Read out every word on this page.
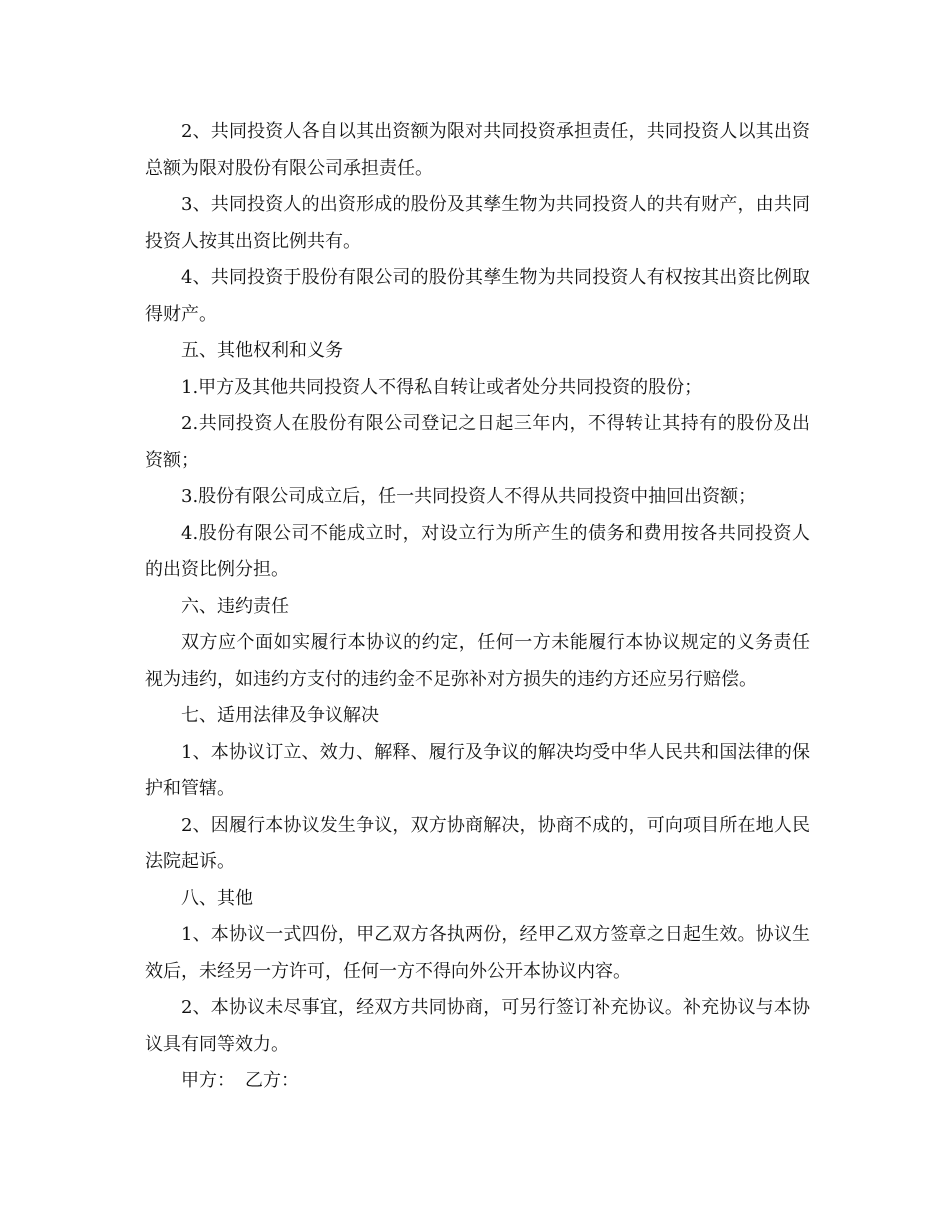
2、共同投资人各自以其出资额为限对共同投资承担责任，共同投资人以其出资总额为限对股份有限公司承担责任。

3、共同投资人的出资形成的股份及其孳生物为共同投资人的共有财产，由共同投资人按其出资比例共有。

4、共同投资于股份有限公司的股份其孳生物为共同投资人有权按其出资比例取得财产。

五、其他权利和义务

1.甲方及其他共同投资人不得私自转让或者处分共同投资的股份；

2.共同投资人在股份有限公司登记之日起三年内，不得转让其持有的股份及出资额；

3.股份有限公司成立后，任一共同投资人不得从共同投资中抽回出资额；

4.股份有限公司不能成立时，对设立行为所产生的债务和费用按各共同投资人的出资比例分担。

六、违约责任

双方应个面如实履行本协议的约定，任何一方未能履行本协议规定的义务责任视为违约，如违约方支付的违约金不足弥补对方损失的违约方还应另行赔偿。

七、适用法律及争议解决

1、本协议订立、效力、解释、履行及争议的解决均受中华人民共和国法律的保护和管辖。

2、因履行本协议发生争议，双方协商解决，协商不成的，可向项目所在地人民法院起诉。

八、其他

1、本协议一式四份，甲乙双方各执两份，经甲乙双方签章之日起生效。协议生效后，未经另一方许可，任何一方不得向外公开本协议内容。

2、本协议未尽事宜，经双方共同协商，可另行签订补充协议。补充协议与本协议具有同等效力。

甲方： 乙方：
